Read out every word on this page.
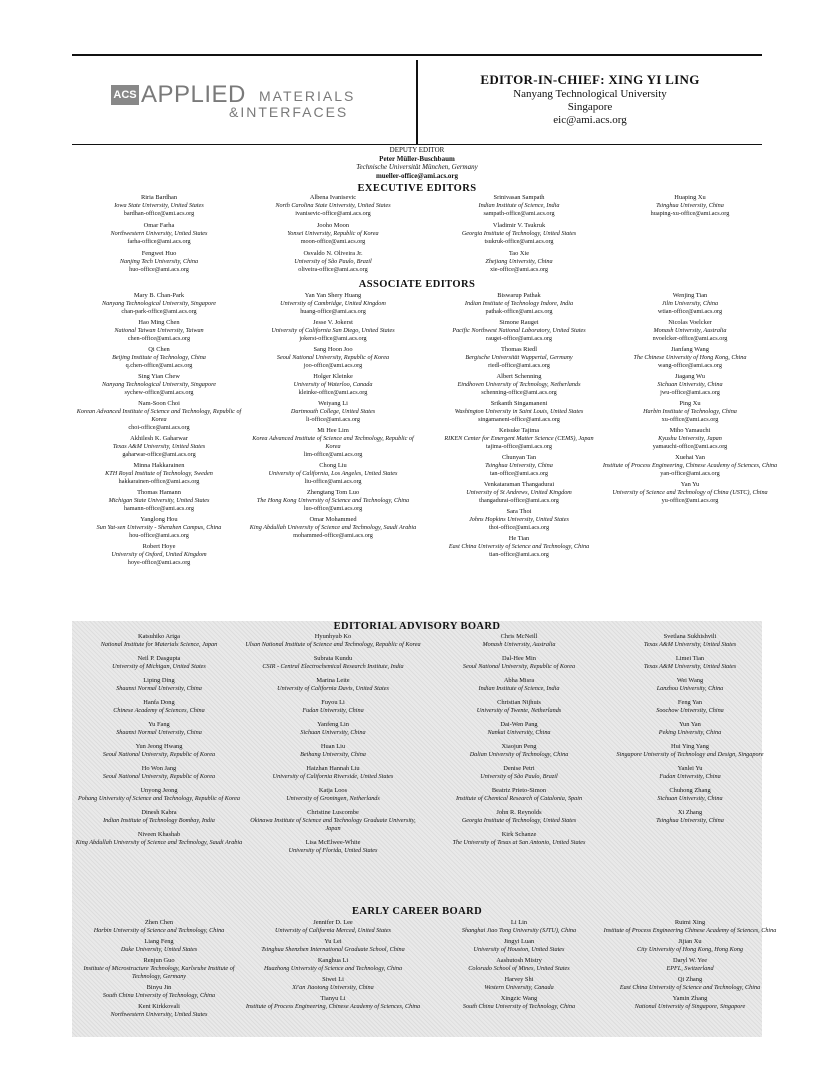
ACS APPLIED MATERIALS
&INTERFACES
EDITOR-IN-CHIEF: XING YI LING
Nanyang Technological University
Singapore
eic@ami.acs.org
DEPUTY EDITOR
Peter Müller-Buschbaum
Technische Universität München, Germany
mueller-office@ami.acs.org
EXECUTIVE EDITORS
Riria Bardhan
Iowa State University, United States
bardhan-office@ami.acs.org
Omar Farha
Northwestern University, United States
farha-office@ami.acs.org
Fengwei Huo
Nanjing Tech University, China
huo-office@ami.acs.org
Albena Ivanisevic
North Carolina State University, United States
ivanisevic-office@ami.acs.org
Jooho Moon
Yonsei University, Republic of Korea
moon-office@ami.acs.org
Osvaldo N. Oliveira Jr.
University of São Paulo, Brazil
oliveira-office@ami.acs.org
Srinivasan Sampath
Indian Institute of Science, India
sampath-office@ami.acs.org
Vladimir V. Tsukruk
Georgia Institute of Technology, United States
tsukruk-office@ami.acs.org
Tao Xie
Zhejiang University, China
xie-office@ami.acs.org
Huaping Xu
Tsinghua University, China
huaping-xu-office@ami.acs.org
ASSOCIATE EDITORS
Mary B. Chan-Park
Nanyang Technological University, Singapore
chan-park-office@ami.acs.org
Hao Ming Chen
National Taiwan University, Taiwan
chen-office@ami.acs.org
Qi Chen
Beijing Institute of Technology, China
q.chen-office@ami.acs.org
Sing Yian Chew
Nanyang Technological University, Singapore
sychew-office@ami.acs.org
Nam-Soon Choi
Korean Advanced Institute of Science and Technology, Republic of Korea
choi-office@ami.acs.org
Akhilesh K. Gaharwar
Texas A&M University, United States
gaharwar-office@ami.acs.org
Minna Hakkarainen
KTH Royal Institute of Technology, Sweden
hakkarainen-office@ami.acs.org
Thomas Hamann
Michigan State University, United States
hamann-office@ami.acs.org
Yanglong Hou
Sun Yat-sen University - Shenzhen Campus, China
hou-office@ami.acs.org
Robert Hoye
University of Oxford, United Kingdom
hoye-office@ami.acs.org
Yan Yan Shery Huang
University of Cambridge, United Kingdom
huang-office@ami.acs.org
Jesse V. Jokerst
University of California San Diego, United States
jokerst-office@ami.acs.org
Sang Hoon Joo
Seoul National University, Republic of Korea
joo-office@ami.acs.org
Holger Kleinke
University of Waterloo, Canada
kleinke-office@ami.acs.org
Weiyang Li
Dartmouth College, United States
li-office@ami.acs.org
Mi Hee Lim
Korea Advanced Institute of Science and Technology, Republic of Korea
lim-office@ami.acs.org
Chong Liu
University of California, Los Angeles, United States
liu-office@ami.acs.org
Zhengtang Tom Luo
The Hong Kong University of Science and Technology, China
luo-office@ami.acs.org
Omar Mohammed
King Abdullah University of Science and Technology, Saudi Arabia
mohammed-office@ami.acs.org
Biswarup Pathak
Indian Institute of Technology Indore, India
pathak-office@ami.acs.org
Simone Raugei
Pacific Northwest National Laboratory, United States
raugei-office@ami.acs.org
Thomas Riedl
Bergische Universität Wuppertal, Germany
riedl-office@ami.acs.org
Albert Schenning
Eindhoven University of Technology, Netherlands
schenning-office@ami.acs.org
Srikanth Singamaneni
Washington University in Saint Louis, United States
singamaneni-office@ami.acs.org
Keisuke Tajima
RIKEN Center for Emergent Matter Science (CEMS), Japan
tajima-office@ami.acs.org
Chunyan Tan
Tsinghua University, China
tan-office@ami.acs.org
Venkataraman Thangadurai
University of St Andrews, United Kingdom
thangadurai-office@ami.acs.org
Sara Thoi
Johns Hopkins University, United States
thoi-office@ami.acs.org
He Tian
East China University of Science and Technology, China
tian-office@ami.acs.org
Wenjing Tian
Jilin University, China
wtian-office@ami.acs.org
Nicolas Voelcker
Monash University, Australia
nvoelcker-office@ami.acs.org
Jianfang Wang
The Chinese University of Hong Kong, China
wang-office@ami.acs.org
Jiagang Wu
Sichuan University, China
jwu-office@ami.acs.org
Ping Xu
Harbin Institute of Technology, China
xu-office@ami.acs.org
Miho Yamauchi
Kyushu University, Japan
yamauchi-office@ami.acs.org
Xuehai Yan
Institute of Process Engineering, Chinese Academy of Sciences, China
yan-office@ami.acs.org
Yan Yu
University of Science and Technology of China (USTC), China
yu-office@ami.acs.org
EDITORIAL ADVISORY BOARD
Katsuhiko Ariga
National Institute for Materials Science, Japan
Neil P. Dasgupta
University of Michigan, United States
Liping Ding
Shaanxi Normal University, China
Hanfa Dong
Chinese Academy of Sciences, China
Yu Fang
Shaanxi Normal University, China
Yun Jeong Hwang
Seoul National University, Republic of Korea
Ho Won Jang
Seoul National University, Republic of Korea
Unyong Jeong
Pohang University of Science and Technology, Republic of Korea
Dinesh Kabra
Indian Institute of Technology Bombay, India
Niveen Khashab
King Abdullah University of Science and Technology, Saudi Arabia
Hyunhyub Ko
Ulsan National Institute of Science and Technology, Republic of Korea
Subrata Kundu
CSIR - Central Electrochemical Research Institute, India
Marina Leite
University of California Davis, United States
Fuyou Li
Fudan University, China
Yanfeng Lin
Sichuan University, China
Huan Liu
Beihang University, China
Haizhan Hannah Liu
University of California Riverside, United States
Katja Loos
University of Groningen, Netherlands
Christine Luscombe
Okinawa Institute of Science and Technology Graduate University, Japan
Lisa McElwee-White
University of Florida, United States
Chris McNeill
Monash University, Australia
Dal-Hee Min
Seoul National University, Republic of Korea
Abha Misra
Indian Institute of Science, India
Christian Nijhuis
University of Twente, Netherlands
Dai-Wen Pang
Nankai University, China
Xiaojun Peng
Dalian University of Technology, China
Denise Petri
University of São Paulo, Brazil
Beatriz Prieto-Simon
Institute of Chemical Research of Catalonia, Spain
John R. Reynolds
Georgia Institute of Technology, United States
Kirk Schanze
The University of Texas at San Antonio, United States
Svetlana Sukhishvili
Texas A&M University, United States
Limei Tian
Texas A&M University, United States
Wei Wang
Lanzhou University, China
Feng Yan
Soochow University, China
Yun Yan
Peking University, China
Hui Ying Yang
Singapore University of Technology and Design, Singapore
Yanlei Yu
Fudan University, China
Chuhong Zhang
Sichuan University, China
Xi Zhang
Tsinghua University, China
EARLY CAREER BOARD
Zhen Chen
Harbin University of Science and Technology, China
Liang Feng
Duke University, United States
Renjun Guo
Institute of Microstructure Technology, Karlsruhe Institute of Technology, Germany
Binyu Jin
South China University of Technology, China
Kent Kirkkovali
Northwestern University, United States
Jennifer D. Lee
University of California Merced, United States
Yu Lei
Tsinghua Shenzhen International Graduate School, China
Kanghua Li
Huazhong University of Science and Technology, China
Siwei Li
Xi'an Jiaotong University, China
Tianyu Li
Institute of Process Engineering, Chinese Academy of Sciences, China
Li Lin
Shanghai Jiao Tong University (SJTU), China
Jingyi Luan
University of Houston, United States
Aashutosh Mistry
Colorado School of Mines, United States
Harvey Shi
Western University, Canada
Xingzic Wang
South China University of Technology, China
Ruimi Xing
Institute of Process Engineering Chinese Academy of Sciences, China
Jijian Xu
City University of Hong Kong, Hong Kong
Daryl W. Yee
EPFL, Switzerland
Qi Zhang
East China University of Science and Technology, China
Yamin Zhang
National University of Singapore, Singapore
